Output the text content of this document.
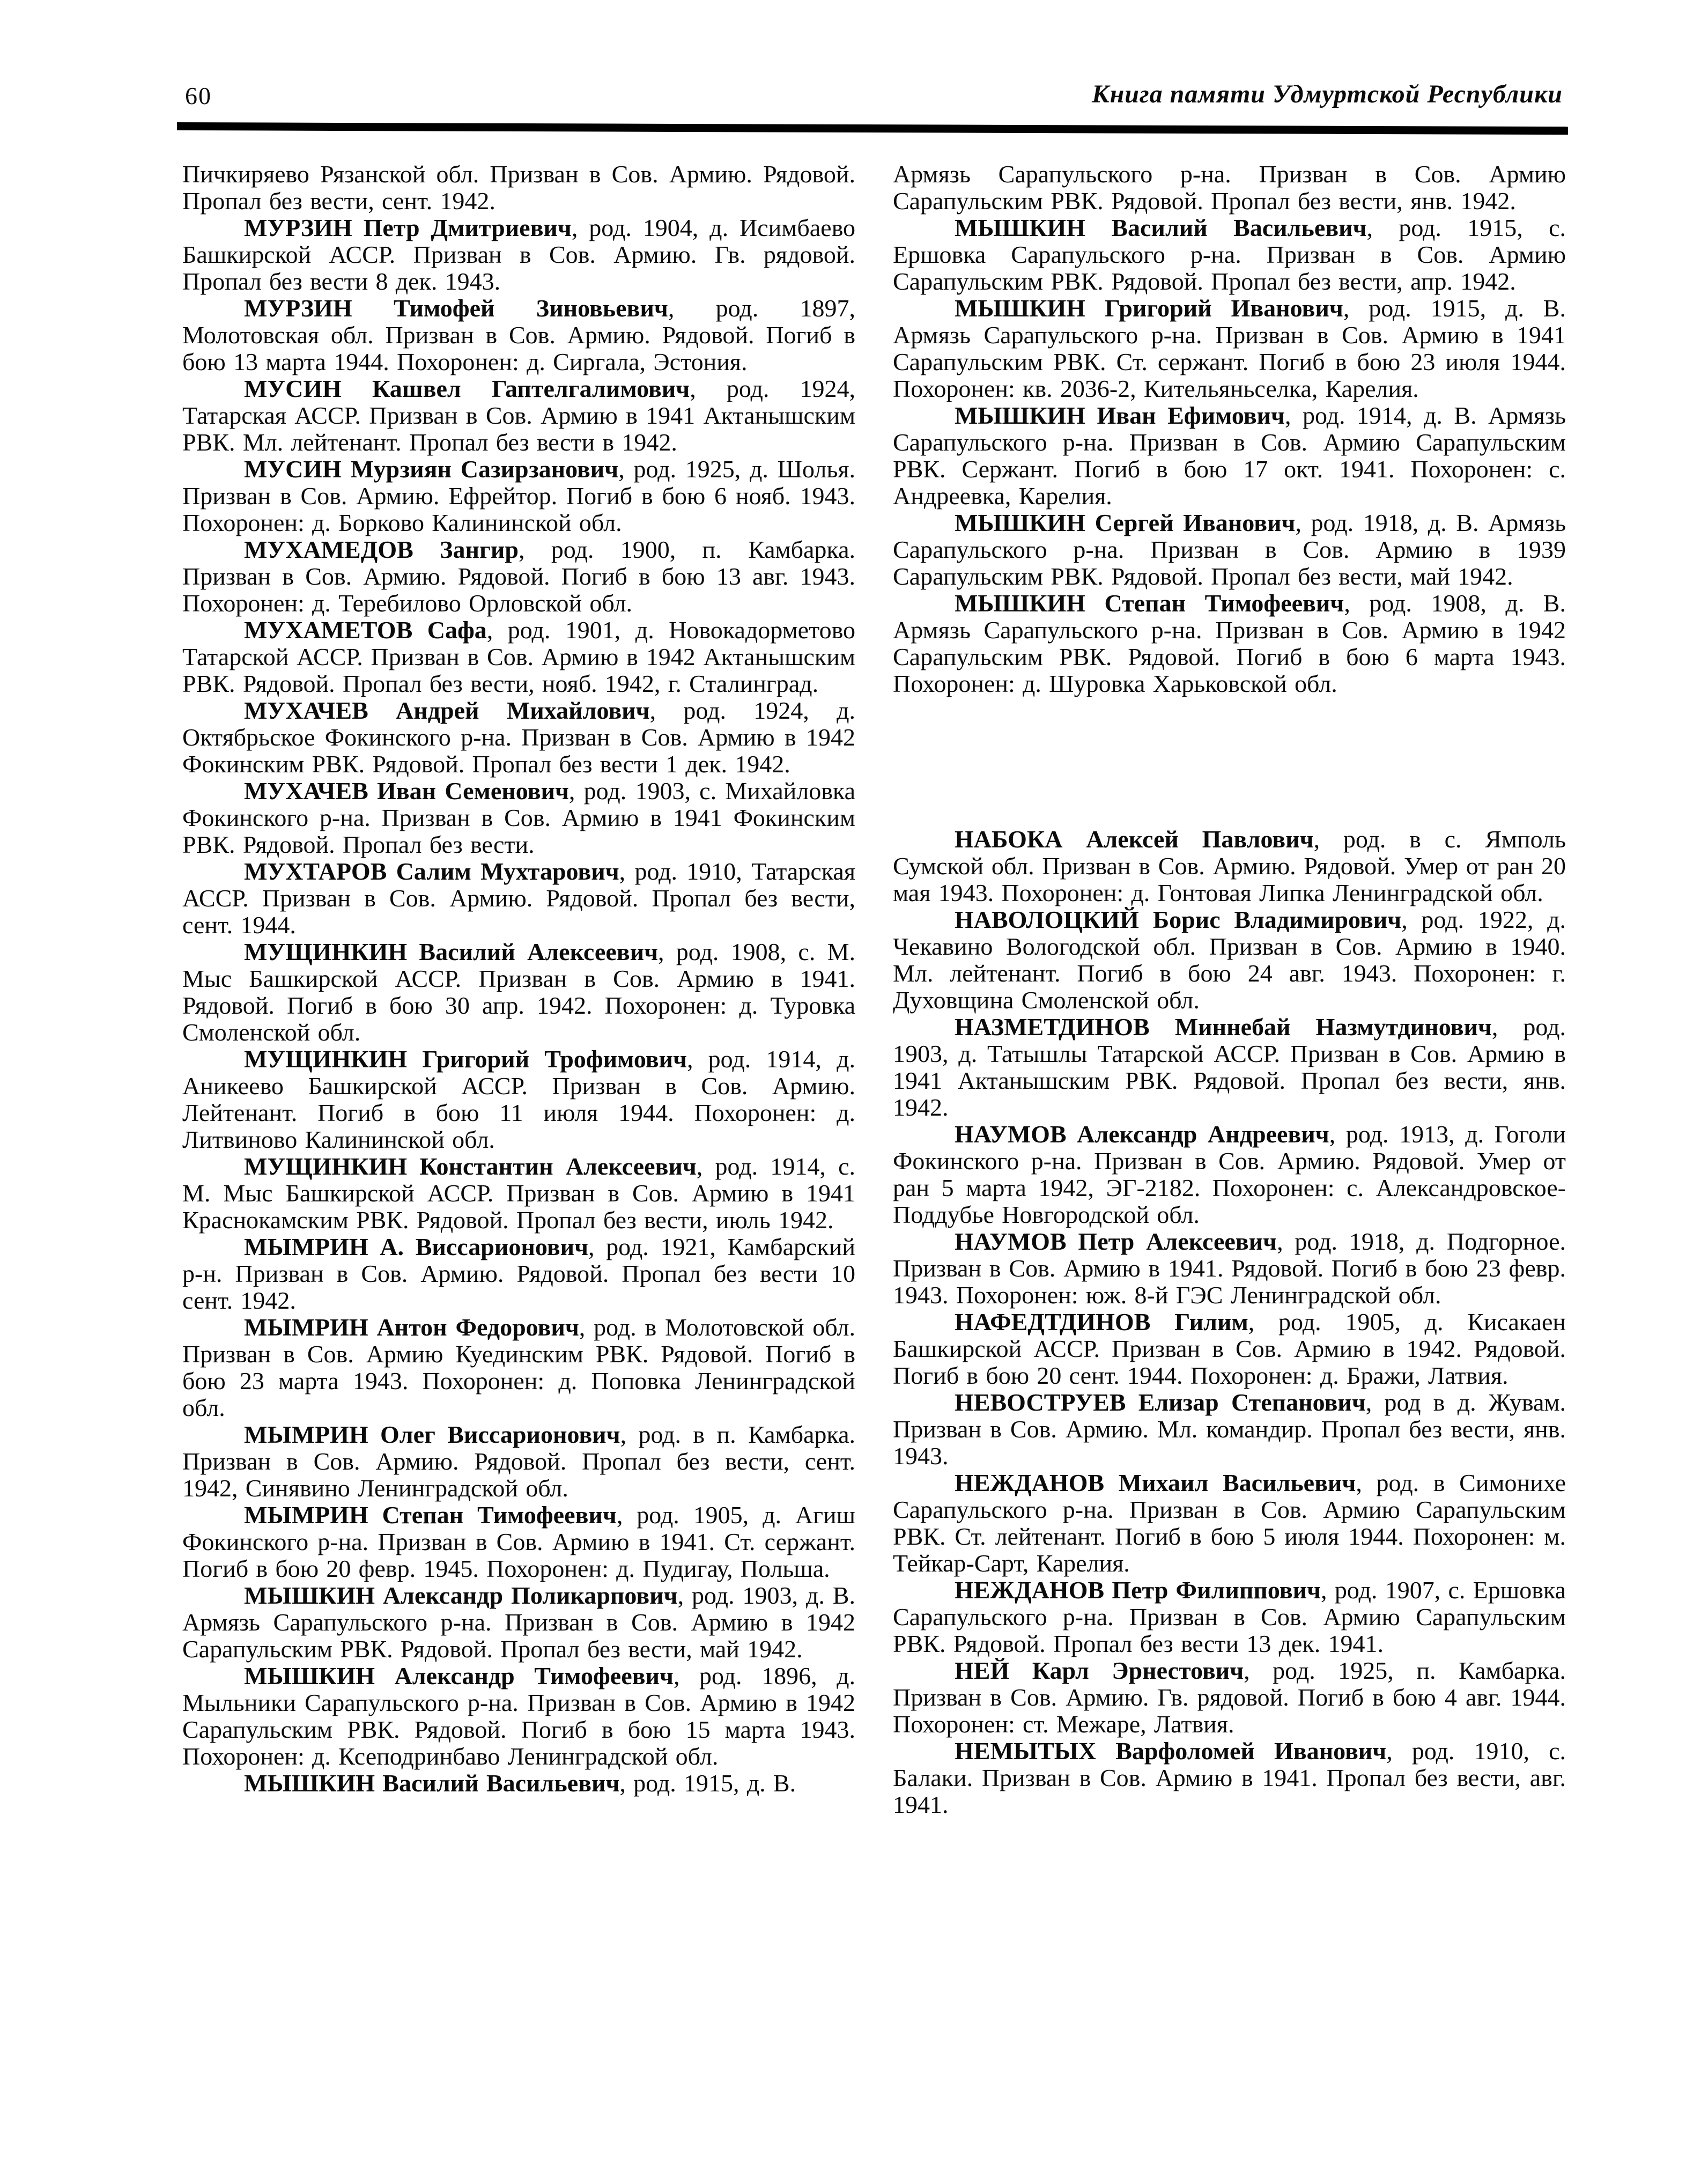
60	Книга памяти Удмуртской Республики

Пичкиряево Рязанской обл. Призван в Сов. Армию. Рядовой. Пропал без вести, сент. 1942.

МУРЗИН Петр Дмитриевич, род. 1904, д. Исимбаево Башкирской АССР. Призван в Сов. Армию. Гв. рядовой. Пропал без вести 8 дек. 1943.

МУРЗИН Тимофей Зиновьевич, род. 1897, Молотовская обл. Призван в Сов. Армию. Рядовой. Погиб в бою 13 марта 1944. Похоронен: д. Сиргала, Эстония.

МУСИН Кашвел Гаптелгалимович, род. 1924, Татарская АССР. Призван в Сов. Армию в 1941 Актанышским РВК. Мл. лейтенант. Пропал без вести в 1942.

МУСИН Мурзиян Сазирзанович, род. 1925, д. Шолья. Призван в Сов. Армию. Ефрейтор. Погиб в бою 6 нояб. 1943. Похоронен: д. Борково Калининской обл.

МУХАМЕДОВ Зангир, род. 1900, п. Камбарка. Призван в Сов. Армию. Рядовой. Погиб в бою 13 авг. 1943. Похоронен: д. Теребилово Орловской обл.

МУХАМЕТОВ Сафа, род. 1901, д. Новокадорметово Татарской АССР. Призван в Сов. Армию в 1942 Актанышским РВК. Рядовой. Пропал без вести, нояб. 1942, г. Сталинград.

МУХАЧЕВ Андрей Михайлович, род. 1924, д. Октябрьское Фокинского р-на. Призван в Сов. Армию в 1942 Фокинским РВК. Рядовой. Пропал без вести 1 дек. 1942.

МУХАЧЕВ Иван Семенович, род. 1903, с. Михайловка Фокинского р-на. Призван в Сов. Армию в 1941 Фокинским РВК. Рядовой. Пропал без вести.

МУХТАРОВ Салим Мухтарович, род. 1910, Татарская АССР. Призван в Сов. Армию. Рядовой. Пропал без вести, сент. 1944.

МУЩИНКИН Василий Алексеевич, род. 1908, с. М. Мыс Башкирской АССР. Призван в Сов. Армию в 1941. Рядовой. Погиб в бою 30 апр. 1942. Похоронен: д. Туровка Смоленской обл.

МУЩИНКИН Григорий Трофимович, род. 1914, д. Аникеево Башкирской АССР. Призван в Сов. Армию. Лейтенант. Погиб в бою 11 июля 1944. Похоронен: д. Литвиново Калининской обл.

МУЩИНКИН Константин Алексеевич, род. 1914, с. М. Мыс Башкирской АССР. Призван в Сов. Армию в 1941 Краснокамским РВК. Рядовой. Пропал без вести, июль 1942.

МЫМРИН А. Виссарионович, род. 1921, Камбарский р-н. Призван в Сов. Армию. Рядовой. Пропал без вести 10 сент. 1942.

МЫМРИН Антон Федорович, род. в Молотовской обл. Призван в Сов. Армию Куединским РВК. Рядовой. Погиб в бою 23 марта 1943. Похоронен: д. Поповка Ленинградской обл.

МЫМРИН Олег Виссарионович, род. в п. Камбарка. Призван в Сов. Армию. Рядовой. Пропал без вести, сент. 1942, Синявино Ленинградской обл.

МЫМРИН Степан Тимофеевич, род. 1905, д. Агиш Фокинского р-на. Призван в Сов. Армию в 1941. Ст. сержант. Погиб в бою 20 февр. 1945. Похоронен: д. Пудигау, Польша.

МЫШКИН Александр Поликарпович, род. 1903, д. В. Армязь Сарапульского р-на. Призван в Сов. Армию в 1942 Сарапульским РВК. Рядовой. Пропал без вести, май 1942.

МЫШКИН Александр Тимофеевич, род. 1896, д. Мыльники Сарапульского р-на. Призван в Сов. Армию в 1942 Сарапульским РВК. Рядовой. Погиб в бою 15 марта 1943. Похоронен: д. Ксеподринбаво Ленинградской обл.

МЫШКИН Василий Васильевич, род. 1915, д. В.

Армязь Сарапульского р-на. Призван в Сов. Армию Сарапульским РВК. Рядовой. Пропал без вести, янв. 1942.

МЫШКИН Василий Васильевич, род. 1915, с. Ершовка Сарапульского р-на. Призван в Сов. Армию Сарапульским РВК. Рядовой. Пропал без вести, апр. 1942.

МЫШКИН Григорий Иванович, род. 1915, д. В. Армязь Сарапульского р-на. Призван в Сов. Армию в 1941 Сарапульским РВК. Ст. сержант. Погиб в бою 23 июля 1944. Похоронен: кв. 2036-2, Кительяньселка, Карелия.

МЫШКИН Иван Ефимович, род. 1914, д. В. Армязь Сарапульского р-на. Призван в Сов. Армию Сарапульским РВК. Сержант. Погиб в бою 17 окт. 1941. Похоронен: с. Андреевка, Карелия.

МЫШКИН Сергей Иванович, род. 1918, д. В. Армязь Сарапульского р-на. Призван в Сов. Армию в 1939 Сарапульским РВК. Рядовой. Пропал без вести, май 1942.

МЫШКИН Степан Тимофеевич, род. 1908, д. В. Армязь Сарапульского р-на. Призван в Сов. Армию в 1942 Сарапульским РВК. Рядовой. Погиб в бою 6 марта 1943. Похоронен: д. Шуровка Харьковской обл.

НАБОКА Алексей Павлович, род. в с. Ямполь Сумской обл. Призван в Сов. Армию. Рядовой. Умер от ран 20 мая 1943. Похоронен: д. Гонтовая Липка Ленинградской обл.

НАВОЛОЦКИЙ Борис Владимирович, род. 1922, д. Чекавино Вологодской обл. Призван в Сов. Армию в 1940. Мл. лейтенант. Погиб в бою 24 авг. 1943. Похоронен: г. Духовщина Смоленской обл.

НАЗМЕТДИНОВ Миннебай Назмутдинович, род. 1903, д. Татышлы Татарской АССР. Призван в Сов. Армию в 1941 Актанышским РВК. Рядовой. Пропал без вести, янв. 1942.

НАУМОВ Александр Андреевич, род. 1913, д. Гоголи Фокинского р-на. Призван в Сов. Армию. Рядовой. Умер от ран 5 марта 1942, ЭГ-2182. Похоронен: с. Александровское-Поддубье Новгородской обл.

НАУМОВ Петр Алексеевич, род. 1918, д. Подгорное. Призван в Сов. Армию в 1941. Рядовой. Погиб в бою 23 февр. 1943. Похоронен: юж. 8-й ГЭС Ленинградской обл.

НАФЕДТДИНОВ Гилим, род. 1905, д. Кисакаен Башкирской АССР. Призван в Сов. Армию в 1942. Рядовой. Погиб в бою 20 сент. 1944. Похоронен: д. Бражи, Латвия.

НЕВОСТРУЕВ Елизар Степанович, род в д. Жувам. Призван в Сов. Армию. Мл. командир. Пропал без вести, янв. 1943.

НЕЖДАНОВ Михаил Васильевич, род. в Симонихе Сарапульского р-на. Призван в Сов. Армию Сарапульским РВК. Ст. лейтенант. Погиб в бою 5 июля 1944. Похоронен: м. Тейкар-Сарт, Карелия.

НЕЖДАНОВ Петр Филиппович, род. 1907, с. Ершовка Сарапульского р-на. Призван в Сов. Армию Сарапульским РВК. Рядовой. Пропал без вести 13 дек. 1941.

НЕЙ Карл Эрнестович, род. 1925, п. Камбарка. Призван в Сов. Армию. Гв. рядовой. Погиб в бою 4 авг. 1944. Похоронен: ст. Межаре, Латвия.

НЕМЫТЫХ Варфоломей Иванович, род. 1910, с. Балаки. Призван в Сов. Армию в 1941. Пропал без вести, авг. 1941.
